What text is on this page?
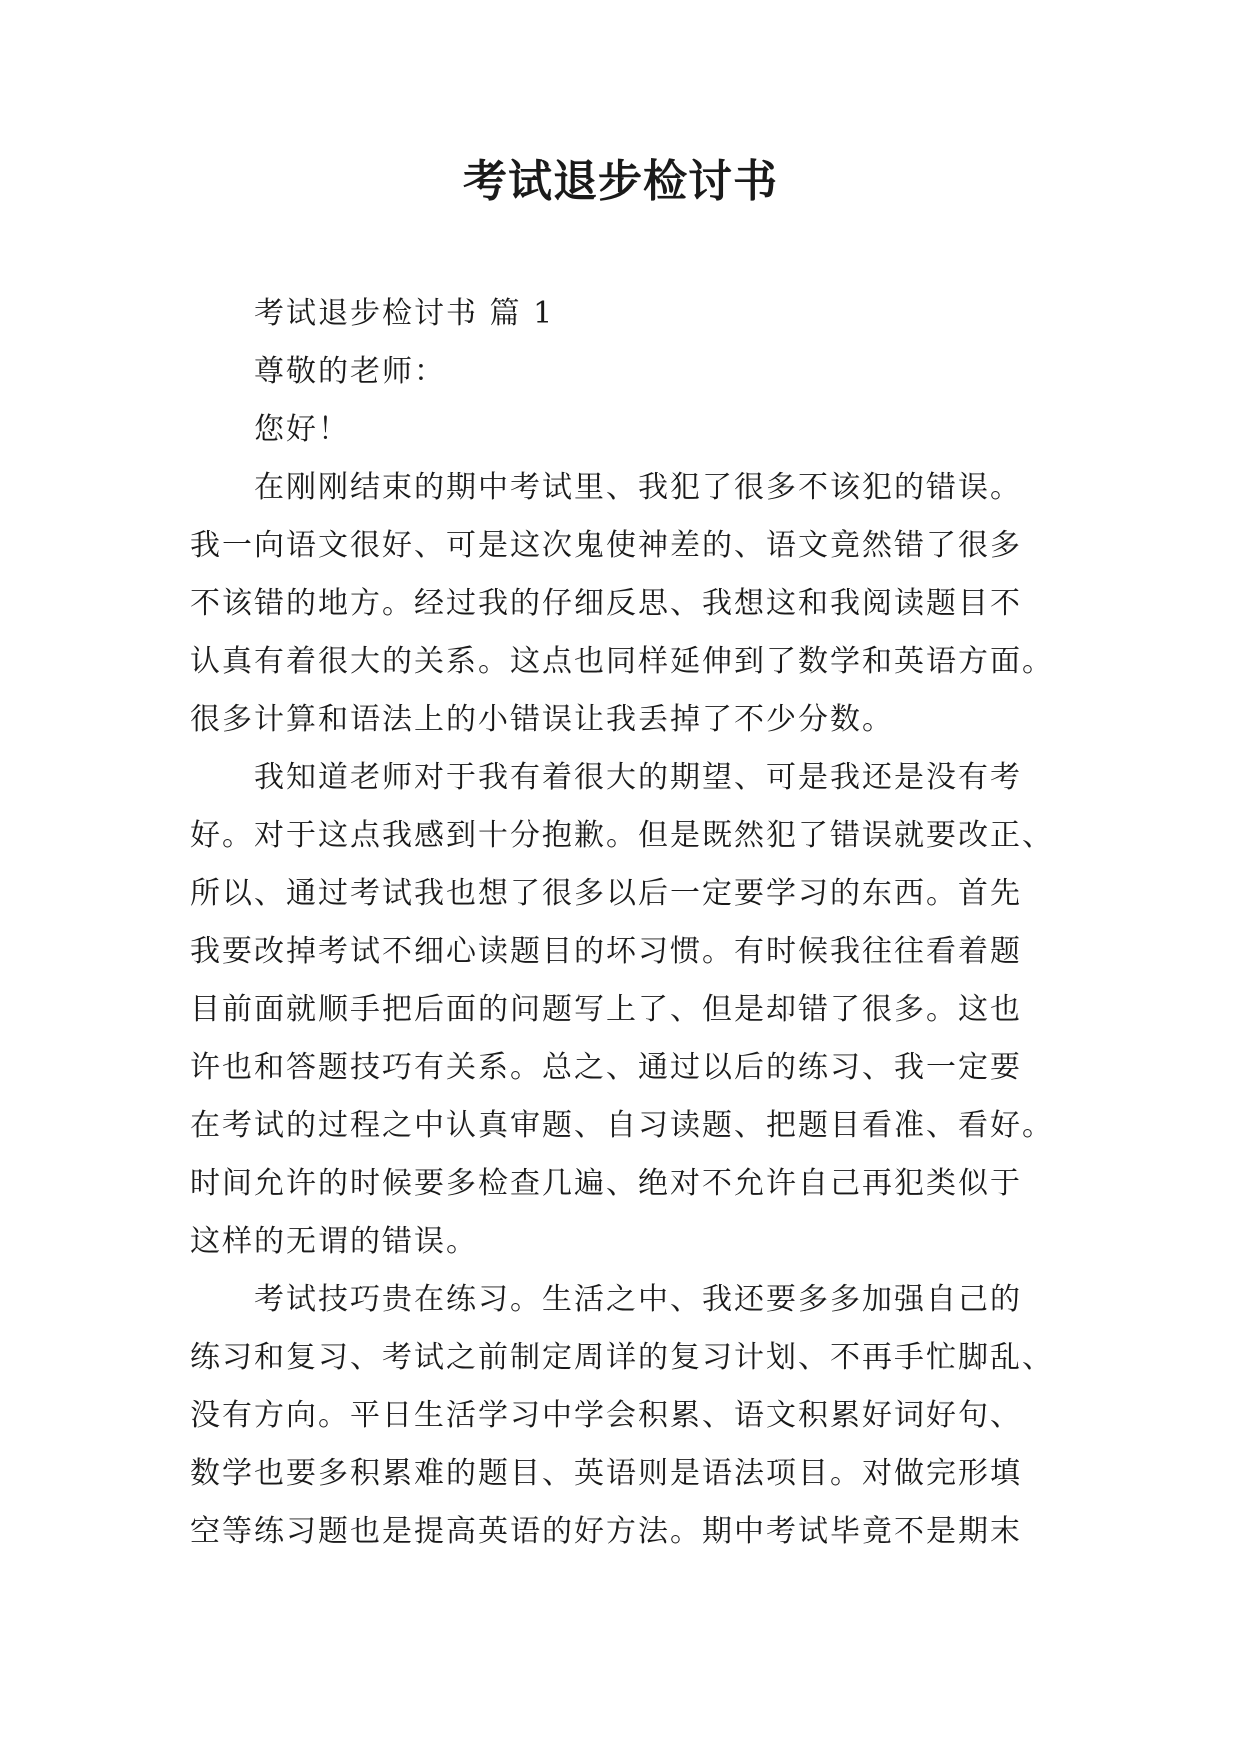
考试退步检讨书
考试退步检讨书 篇 1
尊敬的老师：
您好！
在刚刚结束的期中考试里、我犯了很多不该犯的错误。
我一向语文很好、可是这次鬼使神差的、语文竟然错了很多
不该错的地方。经过我的仔细反思、我想这和我阅读题目不
认真有着很大的关系。这点也同样延伸到了数学和英语方面。
很多计算和语法上的小错误让我丢掉了不少分数。
我知道老师对于我有着很大的期望、可是我还是没有考
好。对于这点我感到十分抱歉。但是既然犯了错误就要改正、
所以、通过考试我也想了很多以后一定要学习的东西。首先
我要改掉考试不细心读题目的坏习惯。有时候我往往看着题
目前面就顺手把后面的问题写上了、但是却错了很多。这也
许也和答题技巧有关系。总之、通过以后的练习、我一定要
在考试的过程之中认真审题、自习读题、把题目看准、看好。
时间允许的时候要多检查几遍、绝对不允许自己再犯类似于
这样的无谓的错误。
考试技巧贵在练习。生活之中、我还要多多加强自己的
练习和复习、考试之前制定周详的复习计划、不再手忙脚乱、
没有方向。平日生活学习中学会积累、语文积累好词好句、
数学也要多积累难的题目、英语则是语法项目。对做完形填
空等练习题也是提高英语的好方法。期中考试毕竟不是期末
